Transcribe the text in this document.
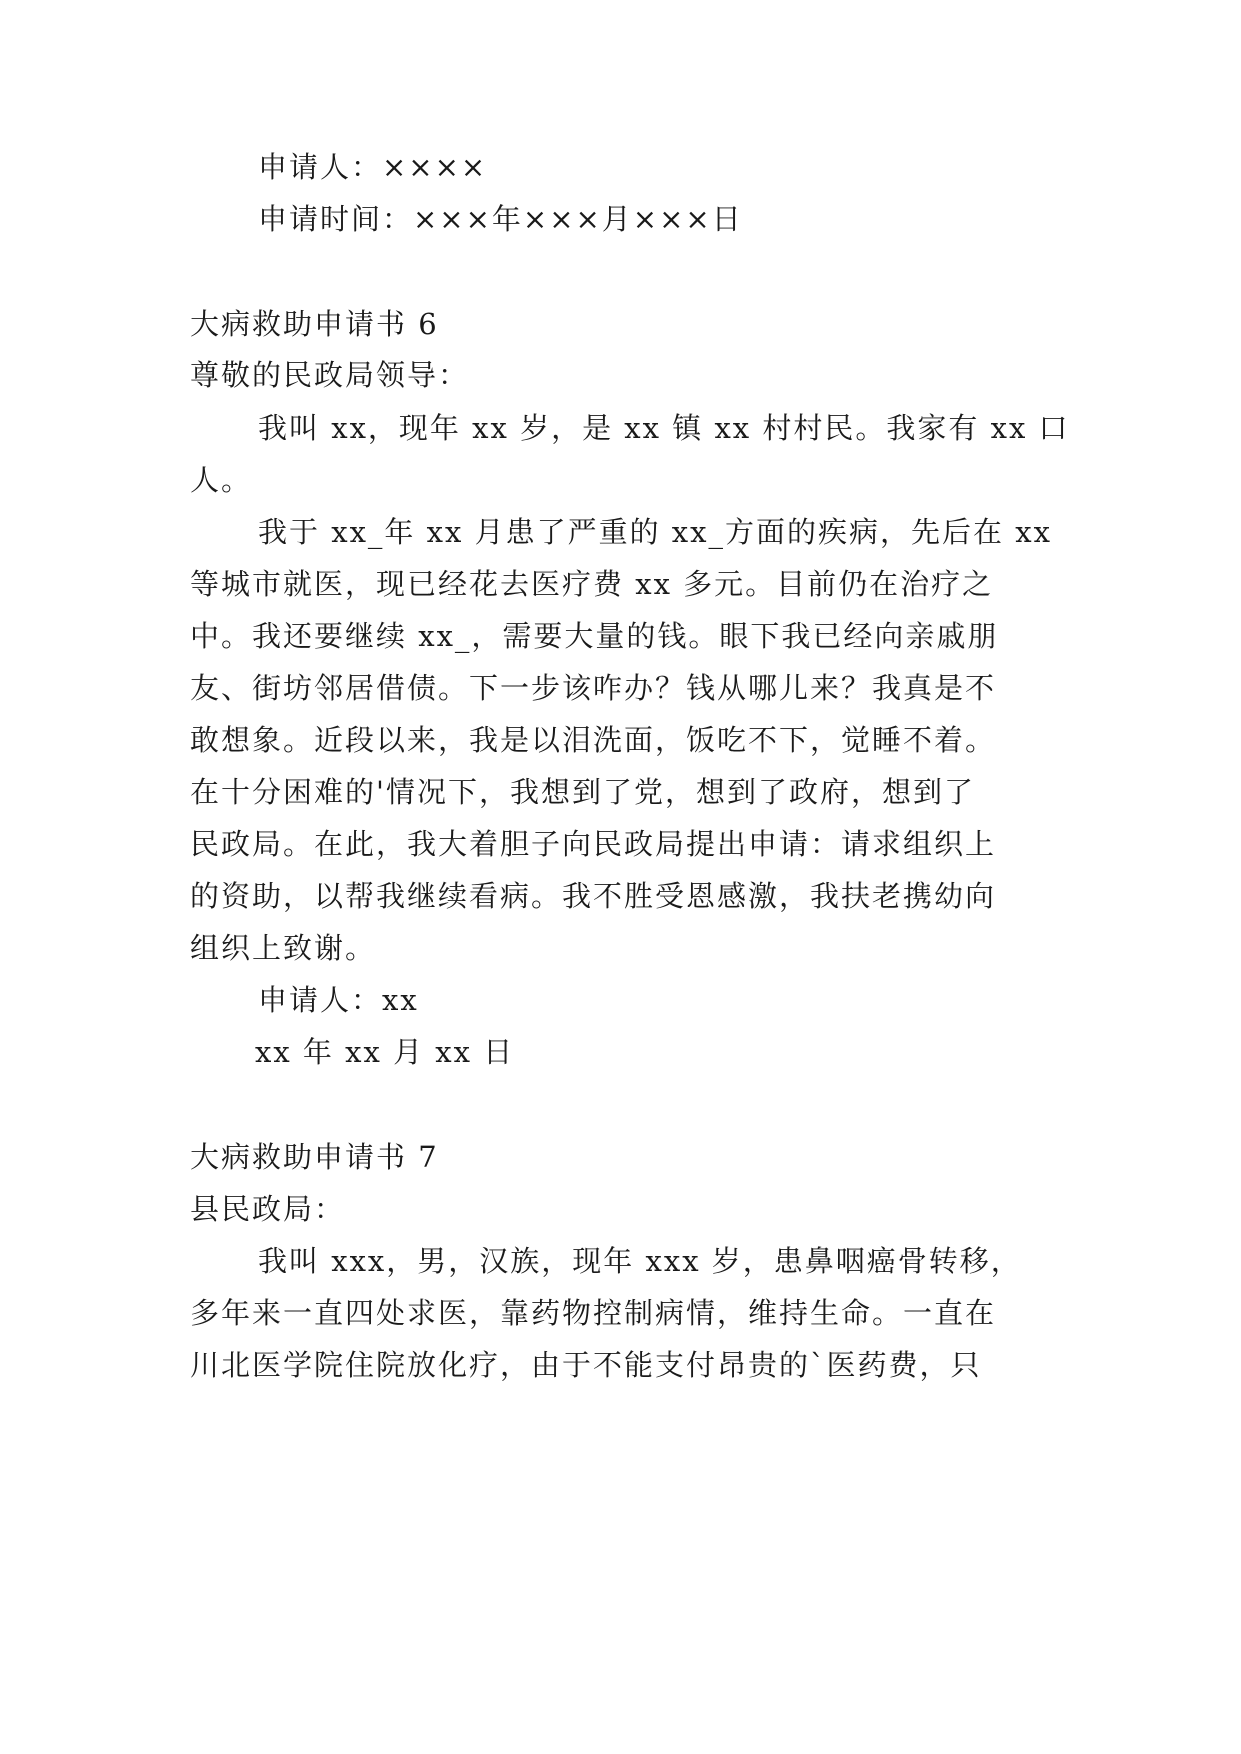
申请人：××××
申请时间：×××年×××月×××日
大病救助申请书 6
尊敬的民政局领导：
我叫 xx，现年 xx 岁，是 xx 镇 xx 村村民。我家有 xx 口
人。
我于 xx_年 xx 月患了严重的 xx_方面的疾病，先后在 xx
等城市就医，现已经花去医疗费 xx 多元。目前仍在治疗之
中。我还要继续 xx_，需要大量的钱。眼下我已经向亲戚朋
友、街坊邻居借债。下一步该咋办？钱从哪儿来？我真是不
敢想象。近段以来，我是以泪洗面，饭吃不下，觉睡不着。
在十分困难的'情况下，我想到了党，想到了政府，想到了
民政局。在此，我大着胆子向民政局提出申请：请求组织上
的资助，以帮我继续看病。我不胜受恩感激，我扶老携幼向
组织上致谢。
申请人：xx
xx 年 xx 月 xx 日
大病救助申请书 7
县民政局：
我叫 xxx，男，汉族，现年 xxx 岁，患鼻咽癌骨转移，
多年来一直四处求医，靠药物控制病情，维持生命。一直在
川北医学院住院放化疗，由于不能支付昂贵的`医药费，只
